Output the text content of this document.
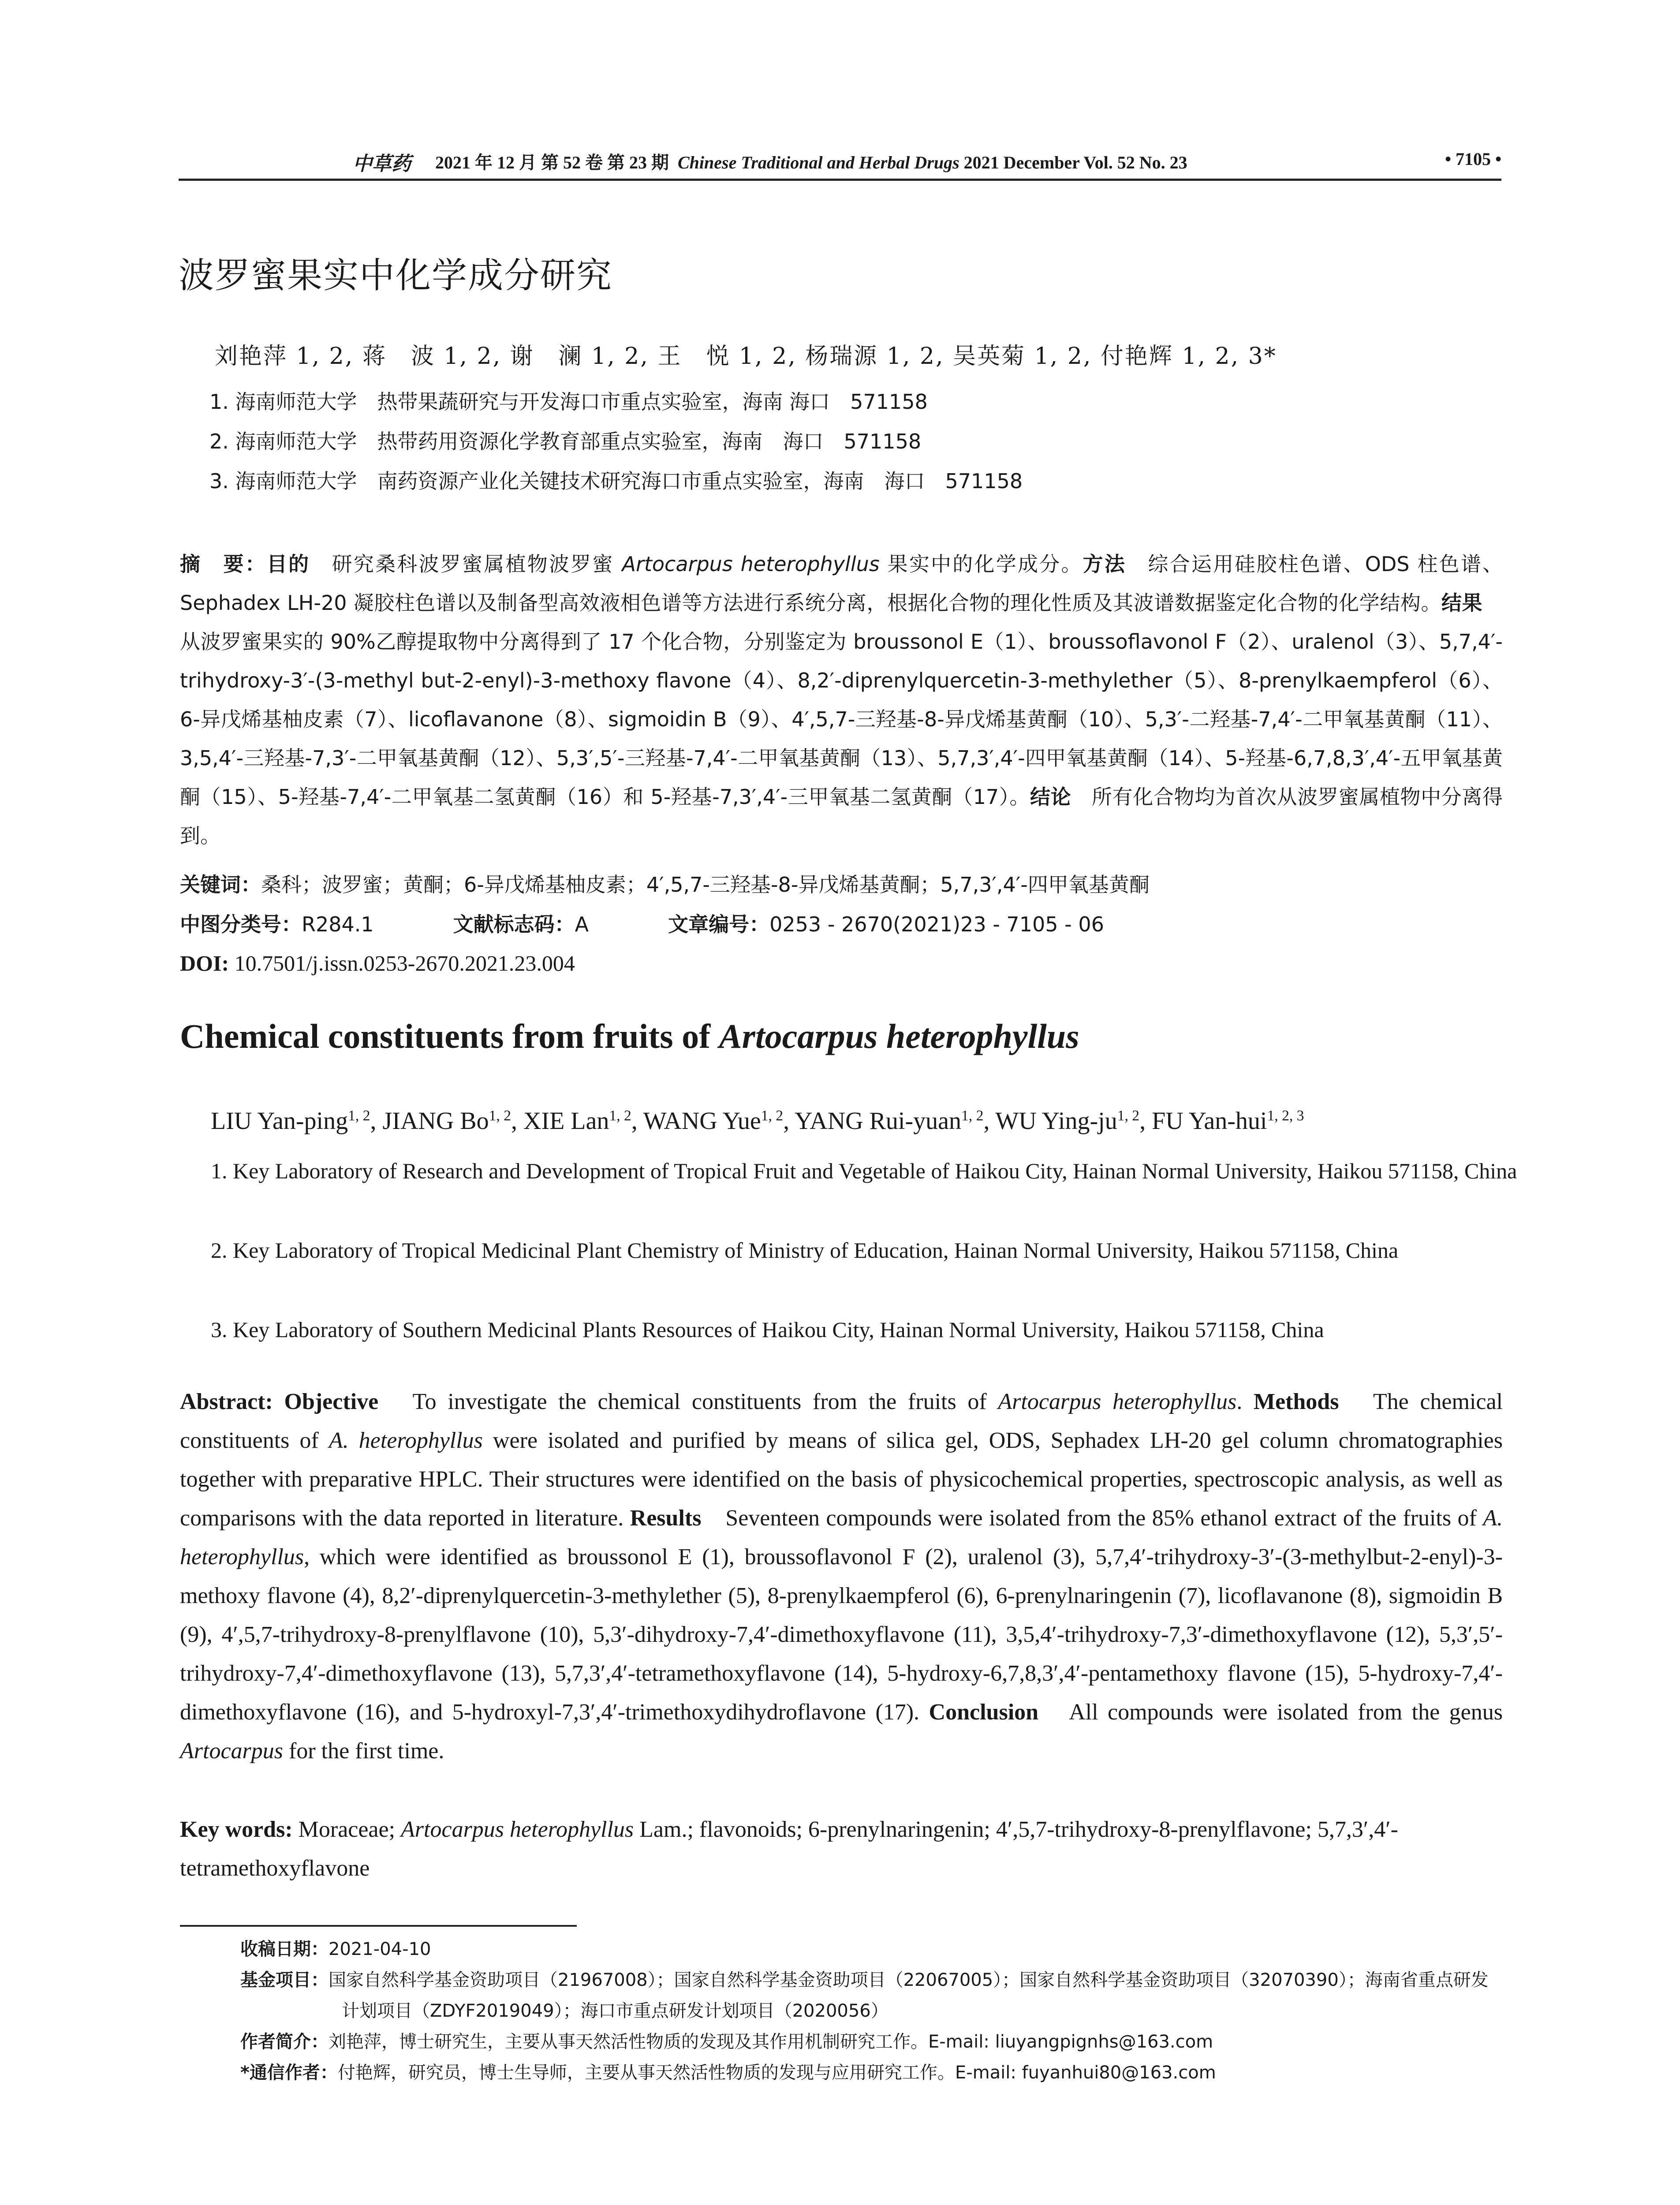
中草药 2021 年 12 月 第 52 卷 第 23 期 Chinese Traditional and Herbal Drugs 2021 December Vol. 52 No. 23	• 7105 •
波罗蜜果实中化学成分研究
刘艳萍 1, 2, 蒋　波 1, 2, 谢　澜 1, 2, 王　悦 1, 2, 杨瑞源 1, 2, 吴英菊 1, 2, 付艳辉 1, 2, 3*
1. 海南师范大学　热带果蔬研究与开发海口市重点实验室，海南 海口　571158
2. 海南师范大学　热带药用资源化学教育部重点实验室，海南　海口　571158
3. 海南师范大学　南药资源产业化关键技术研究海口市重点实验室，海南　海口　571158

摘　要：目的　研究桑科波罗蜜属植物波罗蜜 Artocarpus heterophyllus 果实中的化学成分。方法　综合运用硅胶柱色谱、ODS 柱色谱、Sephadex LH-20 凝胶柱色谱以及制备型高效液相色谱等方法进行系统分离，根据化合物的理化性质及其波谱数据鉴定化合物的化学结构。结果　从波罗蜜果实的 90%乙醇提取物中分离得到了 17 个化合物，分别鉴定为 broussonol E（1）、broussoflavonol F（2）、uralenol（3）、5,7,4′-trihydroxy-3′-(3-methyl but-2-enyl)-3-methoxy flavone（4）、8,2′-diprenylquercetin-3-methylether（5）、8-prenylkaempferol（6）、6-异戊烯基柚皮素（7）、licoflavanone（8）、sigmoidin B（9）、4′,5,7-三羟基-8-异戊烯基黄酮（10）、5,3′-二羟基-7,4′-二甲氧基黄酮（11）、3,5,4′-三羟基-7,3′-二甲氧基黄酮（12）、5,3′,5′-三羟基-7,4′-二甲氧基黄酮（13）、5,7,3′,4′-四甲氧基黄酮（14）、5-羟基-6,7,8,3′,4′-五甲氧基黄酮（15）、5-羟基-7,4′-二甲氧基二氢黄酮（16）和 5-羟基-7,3′,4′-三甲氧基二氢黄酮（17）。结论　所有化合物均为首次从波罗蜜属植物中分离得到。

关键词：桑科；波罗蜜；黄酮；6-异戊烯基柚皮素；4′,5,7-三羟基-8-异戊烯基黄酮；5,7,3′,4′-四甲氧基黄酮
中图分类号：R284.1	文献标志码：A	文章编号：0253 - 2670(2021)23 - 7105 - 06
DOI: 10.7501/j.issn.0253-2670.2021.23.004
Chemical constituents from fruits of Artocarpus heterophyllus
LIU Yan-ping$^{1, 2}$, JIANG Bo$^{1, 2}$, XIE Lan$^{1, 2}$, WANG Yue$^{1, 2}$, YANG Rui-yuan$^{1, 2}$, WU Ying-ju$^{1, 2}$, FU Yan-hui$^{1, 2, 3}$

1. Key Laboratory of Research and Development of Tropical Fruit and Vegetable of Haikou City, Hainan Normal University, Haikou 571158, China

2. Key Laboratory of Tropical Medicinal Plant Chemistry of Ministry of Education, Hainan Normal University, Haikou 571158, China

3. Key Laboratory of Southern Medicinal Plants Resources of Haikou City, Hainan Normal University, Haikou 571158, China

Abstract: Objective　To investigate the chemical constituents from the fruits of Artocarpus heterophyllus. Methods　The chemical constituents of A. heterophyllus were isolated and purified by means of silica gel, ODS, Sephadex LH-20 gel column chromatographies together with preparative HPLC. Their structures were identified on the basis of physicochemical properties, spectroscopic analysis, as well as comparisons with the data reported in literature. Results　Seventeen compounds were isolated from the 85% ethanol extract of the fruits of A. heterophyllus, which were identified as broussonol E (1), broussoflavonol F (2), uralenol (3), 5,7,4′-trihydroxy-3′-(3-methylbut-2-enyl)-3-methoxy flavone (4), 8,2′-diprenylquercetin-3-methylether (5), 8-prenylkaempferol (6), 6-prenylnaringenin (7), licoflavanone (8), sigmoidin B (9), 4′,5,7-trihydroxy-8-prenylflavone (10), 5,3′-dihydroxy-7,4′-dimethoxyflavone (11), 3,5,4′-trihydroxy-7,3′-dimethoxyflavone (12), 5,3′,5′-trihydroxy-7,4′-dimethoxyflavone (13), 5,7,3′,4′-tetramethoxyflavone (14), 5-hydroxy-6,7,8,3′,4′-pentamethoxy flavone (15), 5-hydroxy-7,4′-dimethoxyflavone (16), and 5-hydroxyl-7,3′,4′-trimethoxydihydroflavone (17). Conclusion　All compounds were isolated from the genus Artocarpus for the first time.

Key words: Moraceae; Artocarpus heterophyllus Lam.; flavonoids; 6-prenylnaringenin; 4′,5,7-trihydroxy-8-prenylflavone; 5,7,3′,4′-tetramethoxyflavone

收稿日期：2021-04-10

基金项目：国家自然科学基金资助项目（21967008）；国家自然科学基金资助项目（22067005）；国家自然科学基金资助项目（32070390）；海南省重点研发计划项目（ZDYF2019049）；海口市重点研发计划项目（2020056）

作者简介：刘艳萍，博士研究生，主要从事天然活性物质的发现及其作用机制研究工作。E-mail: liuyangpignhs@163.com

*通信作者：付艳辉，研究员，博士生导师，主要从事天然活性物质的发现与应用研究工作。E-mail: fuyanhui80@163.com
